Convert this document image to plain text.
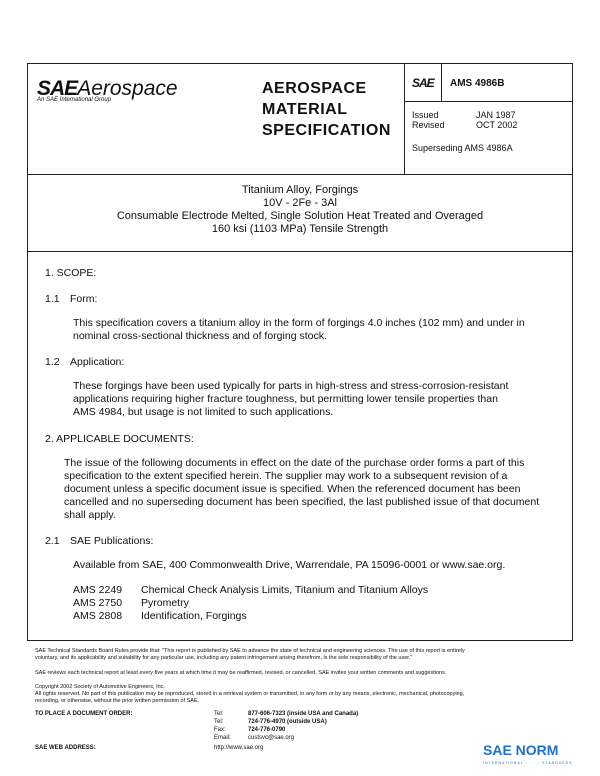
SAEAerospace
An SAE International Group
AEROSPACE
MATERIAL
SPECIFICATION
SAE AMS 4986B
Issued	JAN 1987
Revised	OCT 2002
Superseding AMS 4986A
Titanium Alloy, Forgings
10V - 2Fe - 3Al
Consumable Electrode Melted, Single Solution Heat Treated and Overaged
160 ksi (1103 MPa) Tensile Strength
1. SCOPE:
1.1 Form:
This specification covers a titanium alloy in the form of forgings 4.0 inches (102 mm) and under in
nominal cross-sectional thickness and of forging stock.
1.2 Application:
These forgings have been used typically for parts in high-stress and stress-corrosion-resistant
applications requiring higher fracture toughness, but permitting lower tensile properties than
AMS 4984, but usage is not limited to such applications.
2. APPLICABLE DOCUMENTS:
The issue of the following documents in effect on the date of the purchase order forms a part of this
specification to the extent specified herein. The supplier may work to a subsequent revision of a
document unless a specific document issue is specified. When the referenced document has been
cancelled and no superseding document has been specified, the last published issue of that document
shall apply.
2.1 SAE Publications:
Available from SAE, 400 Commonwealth Drive, Warrendale, PA 15096-0001 or www.sae.org.
AMS 2249 Chemical Check Analysis Limits, Titanium and Titanium Alloys
AMS 2750 Pyrometry
AMS 2808 Identification, Forgings
SAE Technical Standards Board Rules provide that: "This report is published by SAE to advance the state of technical and engineering sciences. The use of this report is entirely
voluntary, and its applicability and suitability for any particular use, including any patent infringement arising therefrom, is the sole responsibility of the user."
SAE reviews each technical report at least every five years at which time it may be reaffirmed, revised, or cancelled. SAE invites your written comments and suggestions.
Copyright 2002 Society of Automotive Engineers, Inc.
All rights reserved. No part of this publication may be reproduced, stored in a retrieval system or transmitted, in any form or by any means, electronic, mechanical, photocopying,
recording, or otherwise, without the prior written permission of SAE.
TO PLACE A DOCUMENT ORDER:	Tel:	877-606-7323 (inside USA and Canada)
Tel:	724-776-4970 (outside USA)
Fax:	724-776-0790
Email:	custsvc@sae.org
SAE WEB ADDRESS:	http://www.sae.org	SAE NORM
INTERNATIONAL · · · · STANDARDS
